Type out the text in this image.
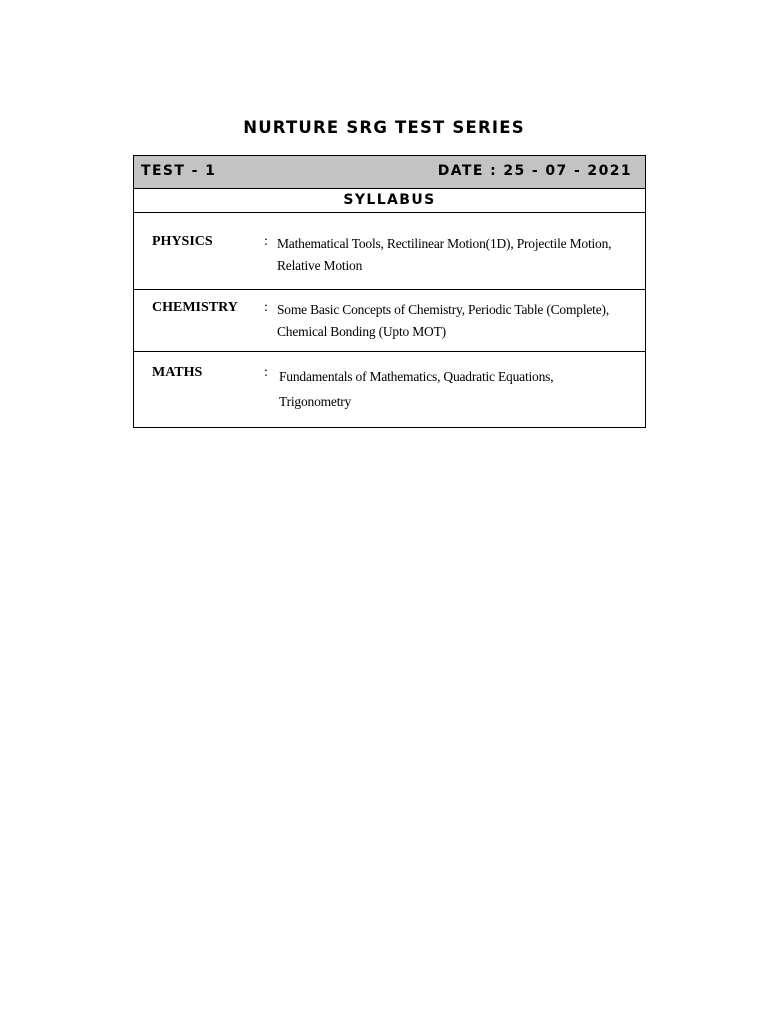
NURTURE SRG TEST SERIES
TEST - 1	DATE : 25 - 07 - 2021
SYLLABUS
PHYSICS	: Mathematical Tools, Rectilinear Motion(1D), Projectile Motion,
Relative Motion
CHEMISTRY : Some Basic Concepts of Chemistry, Periodic Table (Complete),
Chemical Bonding (Upto MOT)
MATHS	: Fundamentals of Mathematics, Quadratic Equations,
Trigonometry
